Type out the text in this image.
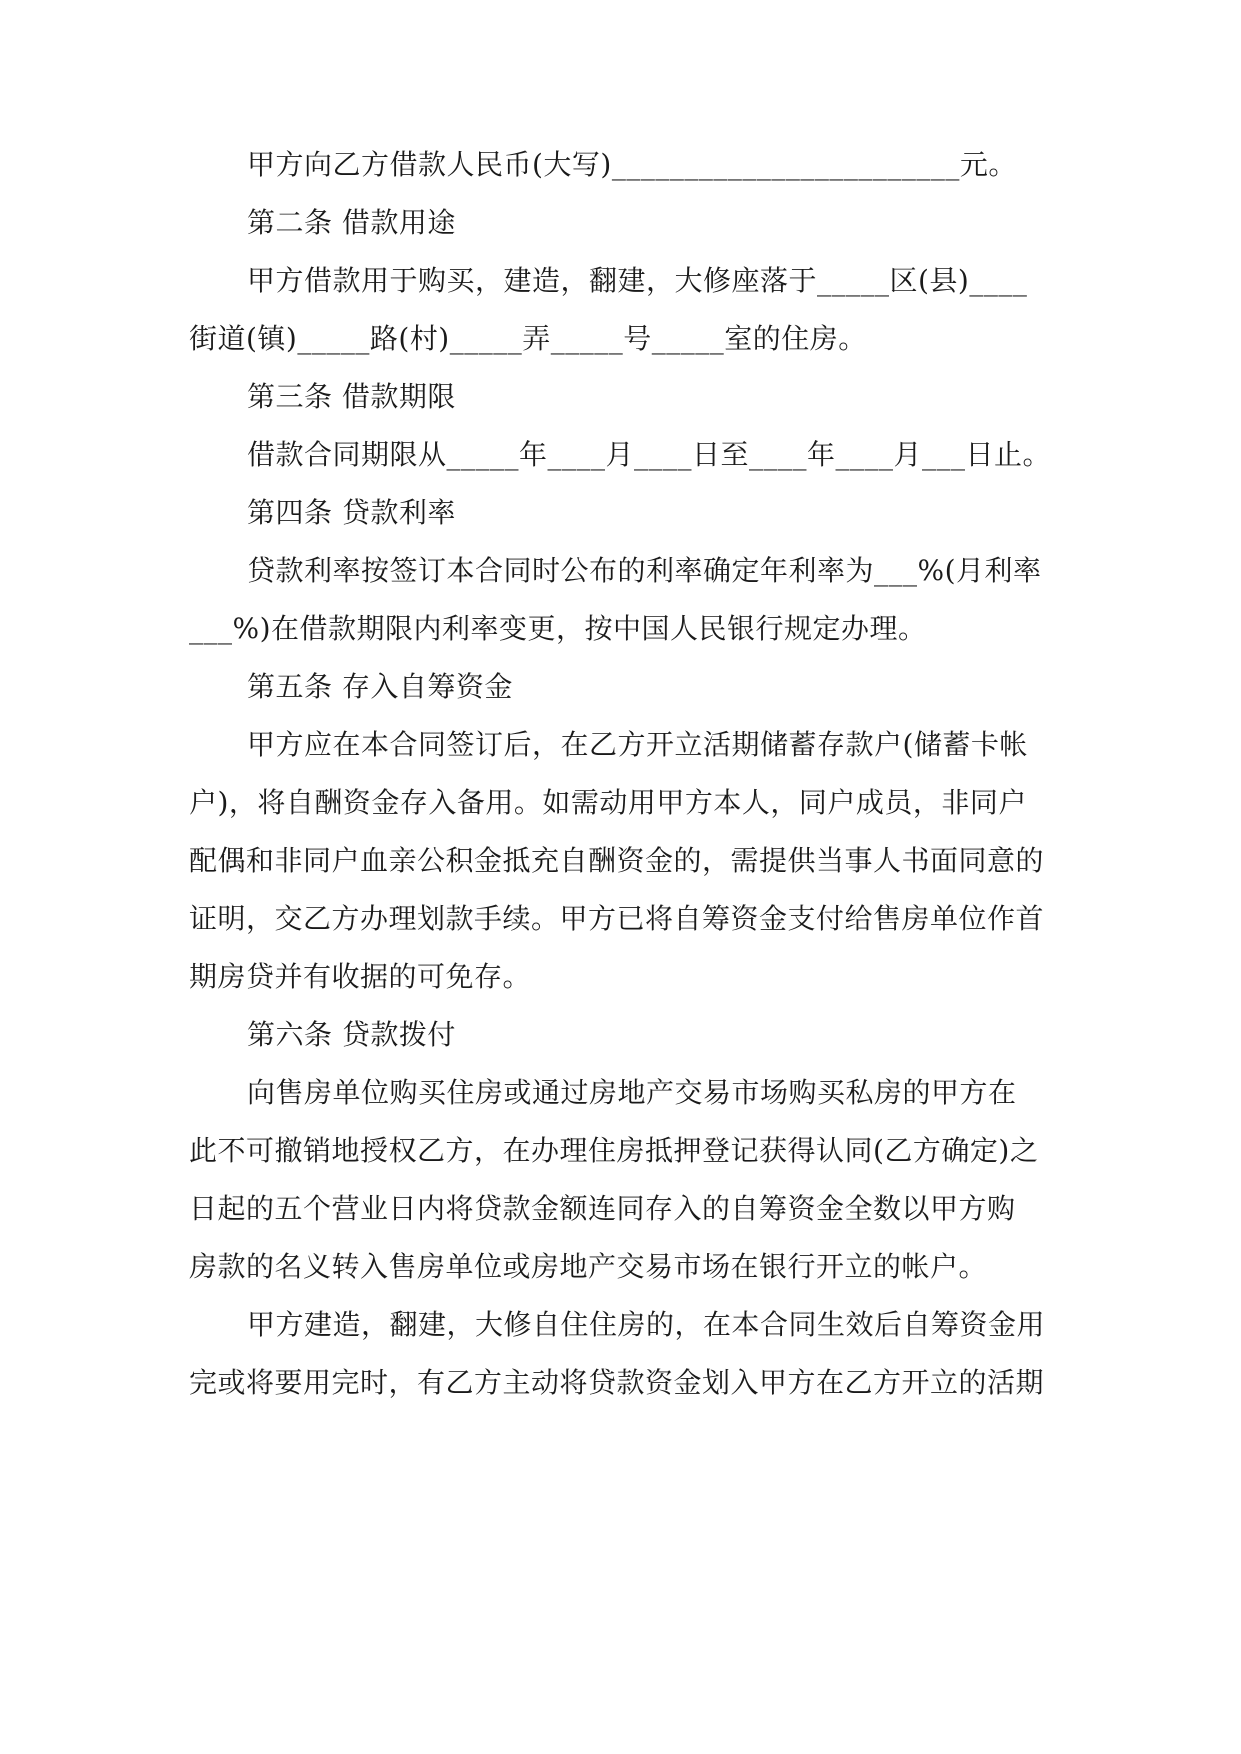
甲方向乙方借款人民币(大写)________________________元。
第二条 借款用途
甲方借款用于购买，建造，翻建，大修座落于_____区(县)____
街道(镇)_____路(村)_____弄_____号_____室的住房。
第三条 借款期限
借款合同期限从_____年____月____日至____年____月___日止。
第四条 贷款利率
贷款利率按签订本合同时公布的利率确定年利率为___%(月利率
___%)在借款期限内利率变更，按中国人民银行规定办理。
第五条 存入自筹资金
甲方应在本合同签订后，在乙方开立活期储蓄存款户(储蓄卡帐
户)，将自酬资金存入备用。如需动用甲方本人，同户成员，非同户
配偶和非同户血亲公积金抵充自酬资金的，需提供当事人书面同意的
证明，交乙方办理划款手续。甲方已将自筹资金支付给售房单位作首
期房贷并有收据的可免存。
第六条 贷款拨付
向售房单位购买住房或通过房地产交易市场购买私房的甲方在
此不可撤销地授权乙方，在办理住房抵押登记获得认同(乙方确定)之
日起的五个营业日内将贷款金额连同存入的自筹资金全数以甲方购
房款的名义转入售房单位或房地产交易市场在银行开立的帐户。
甲方建造，翻建，大修自住住房的，在本合同生效后自筹资金用
完或将要用完时，有乙方主动将贷款资金划入甲方在乙方开立的活期
